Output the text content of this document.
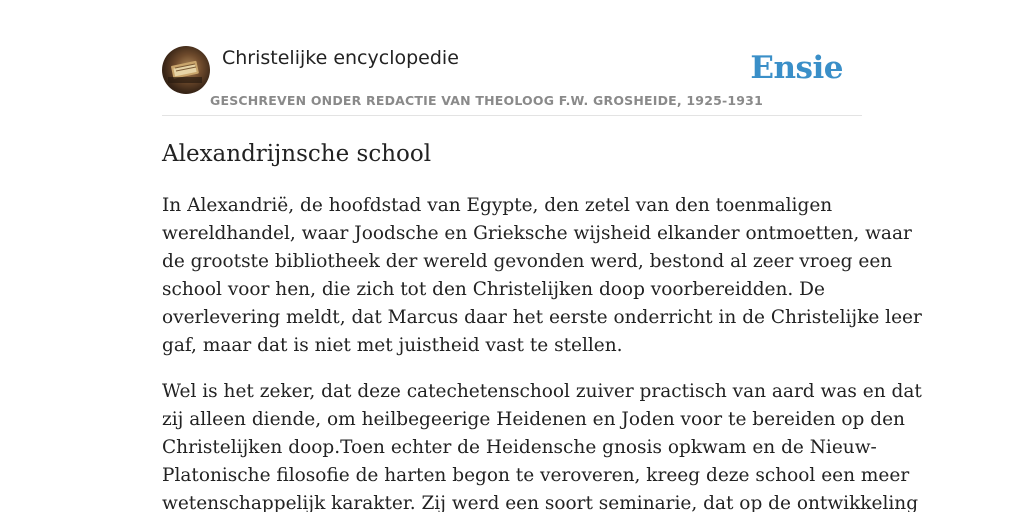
Christelijke encyclopedie
GESCHREVEN ONDER REDACTIE VAN THEOLOOG F.W. GROSHEIDE, 1925-1931
Ensie
Alexandrijnsche school

In Alexandrië, de hoofdstad van Egypte, den zetel van den toenmaligen
wereldhandel, waar Joodsche en Grieksche wijsheid elkander ontmoetten, waar
de grootste bibliotheek der wereld gevonden werd, bestond al zeer vroeg een
school voor hen, die zich tot den Christelijken doop voorbereidden. De
overlevering meldt, dat Marcus daar het eerste onderricht in de Christelijke leer
gaf, maar dat is niet met juistheid vast te stellen.

Wel is het zeker, dat deze catechetenschool zuiver practisch van aard was en dat
zij alleen diende, om heilbegeerige Heidenen en Joden voor te bereiden op den
Christelijken doop.Toen echter de Heidensche gnosis opkwam en de Nieuw-
Platonische filosofie de harten begon te veroveren, kreeg deze school een meer
wetenschappelijk karakter. Zij werd een soort seminarie, dat op de ontwikkeling
